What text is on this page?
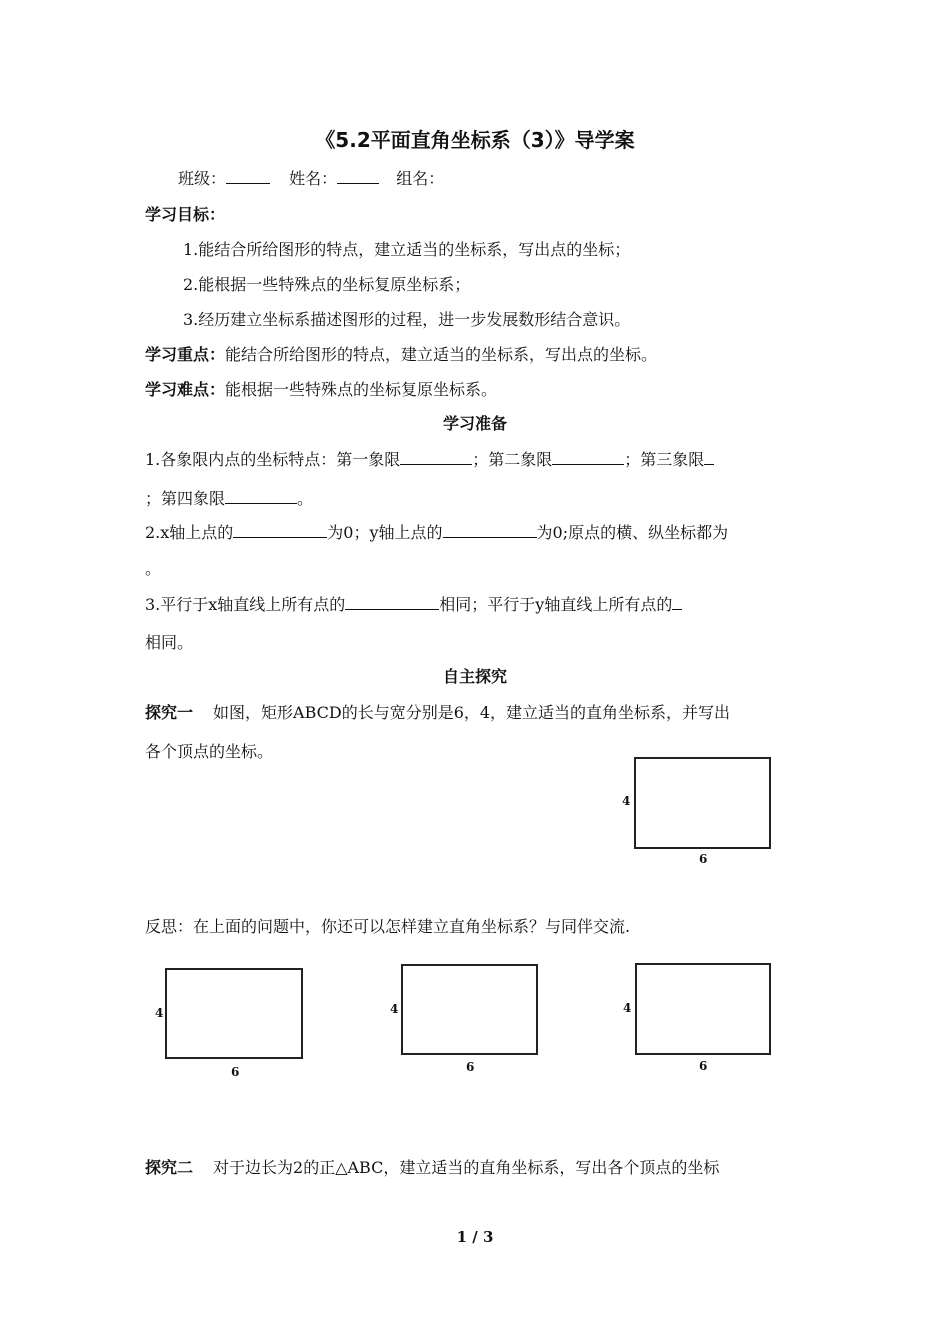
《5.2平面直角坐标系（3）》导学案
班级：	姓名：	组名：
学习目标：
1.能结合所给图形的特点，建立适当的坐标系，写出点的坐标；
2.能根据一些特殊点的坐标复原坐标系；
3.经历建立坐标系描述图形的过程，进一步发展数形结合意识。
学习重点：能结合所给图形的特点，建立适当的坐标系，写出点的坐标。
学习难点：能根据一些特殊点的坐标复原坐标系。
学习准备
1.各象限内点的坐标特点：第一象限	；第二象限	；第三象限
；第四象限	。
2.x轴上点的	为0；y轴上点的	为0;原点的横、纵坐标都为
。
3.平行于x轴直线上所有点的	相同；平行于y轴直线上所有点的
相同。
自主探究
探究一 如图，矩形ABCD的长与宽分别是6，4，建立适当的直角坐标系，并写出
各个顶点的坐标。
4
6
反思：在上面的问题中，你还可以怎样建立直角坐标系？与同伴交流.
4
6
4
6
4
6
探究二 对于边长为2的正△ABC，建立适当的直角坐标系，写出各个顶点的坐标
1 / 3
